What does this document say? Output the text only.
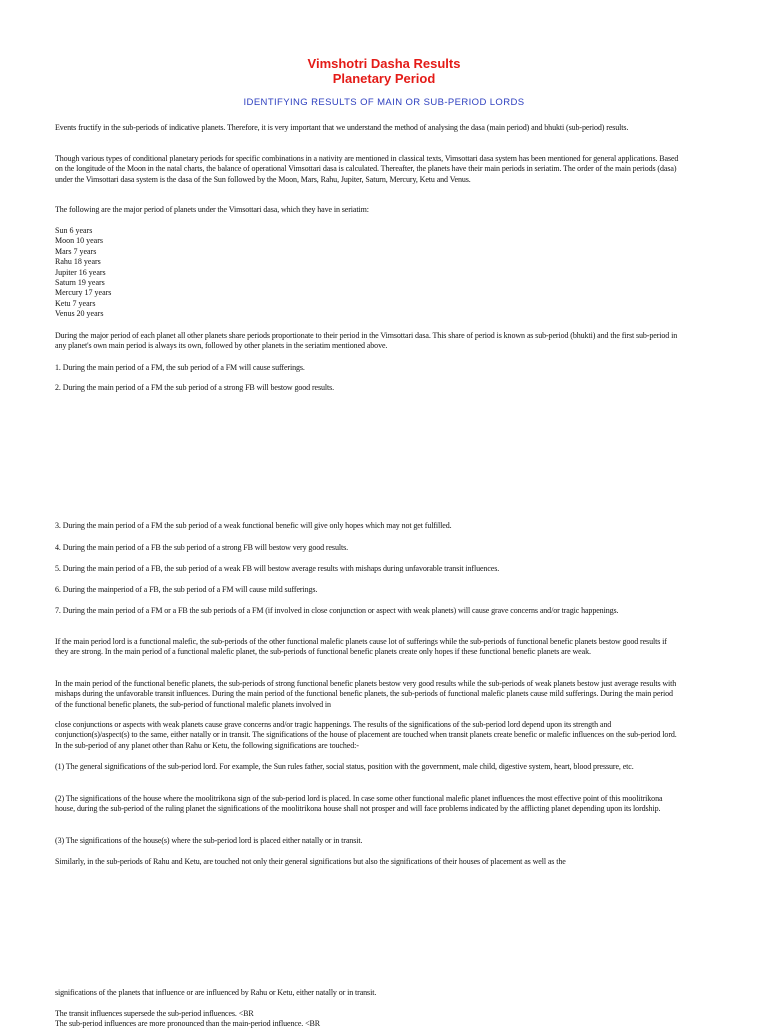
Vimshotri Dasha Results
Planetary Period
IDENTIFYING RESULTS OF MAIN OR SUB-PERIOD LORDS
Events fructify in the sub-periods of indicative planets. Therefore, it is very important that we understand the method of analysing the dasa (main period) and bhukti (sub-period) results.
Though various types of conditional planetary periods for specific combinations in a nativity are mentioned in classical texts, Vimsottari dasa system has been mentioned for general applications. Based on the longitude of the Moon in the natal charts, the balance of operational Vimsottari dasa is calculated. Thereafter, the planets have their main periods in seriatim. The order of the main periods (dasa) under the Vimsottari dasa system is the dasa of the Sun followed by the Moon, Mars, Rahu, Jupiter, Saturn, Mercury, Ketu and Venus.
The following are the major period of planets under the Vimsottari dasa, which they have in seriatim:
Sun 6 years
Moon 10 years
Mars 7 years
Rahu 18 years
Jupiter 16 years
Saturn 19 years
Mercury 17 years
Ketu 7 years
Venus 20 years
During the major period of each planet all other planets share periods proportionate to their period in the Vimsottari dasa. This share of period is known as sub-period (bhukti) and the first sub-period in any planet's own main period is always its own, followed by other planets in the seriatim mentioned above.
1. During the main period of a FM, the sub period of a FM will cause sufferings.
2. During the main period of a FM the sub period of a strong FB will bestow good results.
3. During the main period of a FM the sub period of a weak functional benefic will give only hopes which may not get fulfilled.
4. During the main period of a FB the sub period of a strong FB will bestow very good results.
5. During the main period of a FB, the sub period of a weak FB will bestow average results with mishaps during unfavorable transit influences.
6. During the mainperiod of a FB, the sub period of a FM will cause mild sufferings.
7. During the main period of a FM or a FB the sub periods of a FM (if involved in close conjunction or aspect with weak planets) will cause grave concerns and/or tragic happenings.
If the main period lord is a functional malefic, the sub-periods of the other functional malefic planets cause lot of sufferings while the sub-periods of functional benefic planets bestow good results if they are strong. In the main period of a functional malefic planet, the sub-periods of functional benefic planets create only hopes if these functional benefic planets are weak.
In the main period of the functional benefic planets, the sub-periods of strong functional benefic planets bestow very good results while the sub-periods of weak planets bestow just average results with mishaps during the unfavorable transit influences. During the main period of the functional benefic planets, the sub-periods of functional malefic planets cause mild sufferings. During the main period of the functional benefic planets, the sub-period of functional malefic planets involved in
close conjunctions or aspects with weak planets cause grave concerns and/or tragic happenings. The results of the significations of the sub-period lord depend upon its strength and conjunction(s)/aspect(s) to the same, either natally or in transit. The significations of the house of placement are touched when transit planets create benefic or malefic influences on the sub-period lord. In the sub-period of any planet other than Rahu or Ketu, the following significations are touched:-
(1) The general significations of the sub-period lord. For example, the Sun rules father, social status, position with the government, male child, digestive system, heart, blood pressure, etc.
(2) The significations of the house where the moolitrikona sign of the sub-period lord is placed. In case some other functional malefic planet influences the most effective point of this moolitrikona house, during the sub-period of the ruling planet the significations of the moolitrikona house shall not prosper and will face problems indicated by the afflicting planet depending upon its lordship.
(3) The significations of the house(s) where the sub-period lord is placed either natally or in transit.
Similarly, in the sub-periods of Rahu and Ketu, are touched not only their general significations but also the significations of their houses of placement as well as the
significations of the planets that influence or are influenced by Rahu or Ketu, either natally or in transit.
The transit influences supersede the sub-period influences. <BR
The sub-period influences are more pronounced than the main-period influence. <BR
